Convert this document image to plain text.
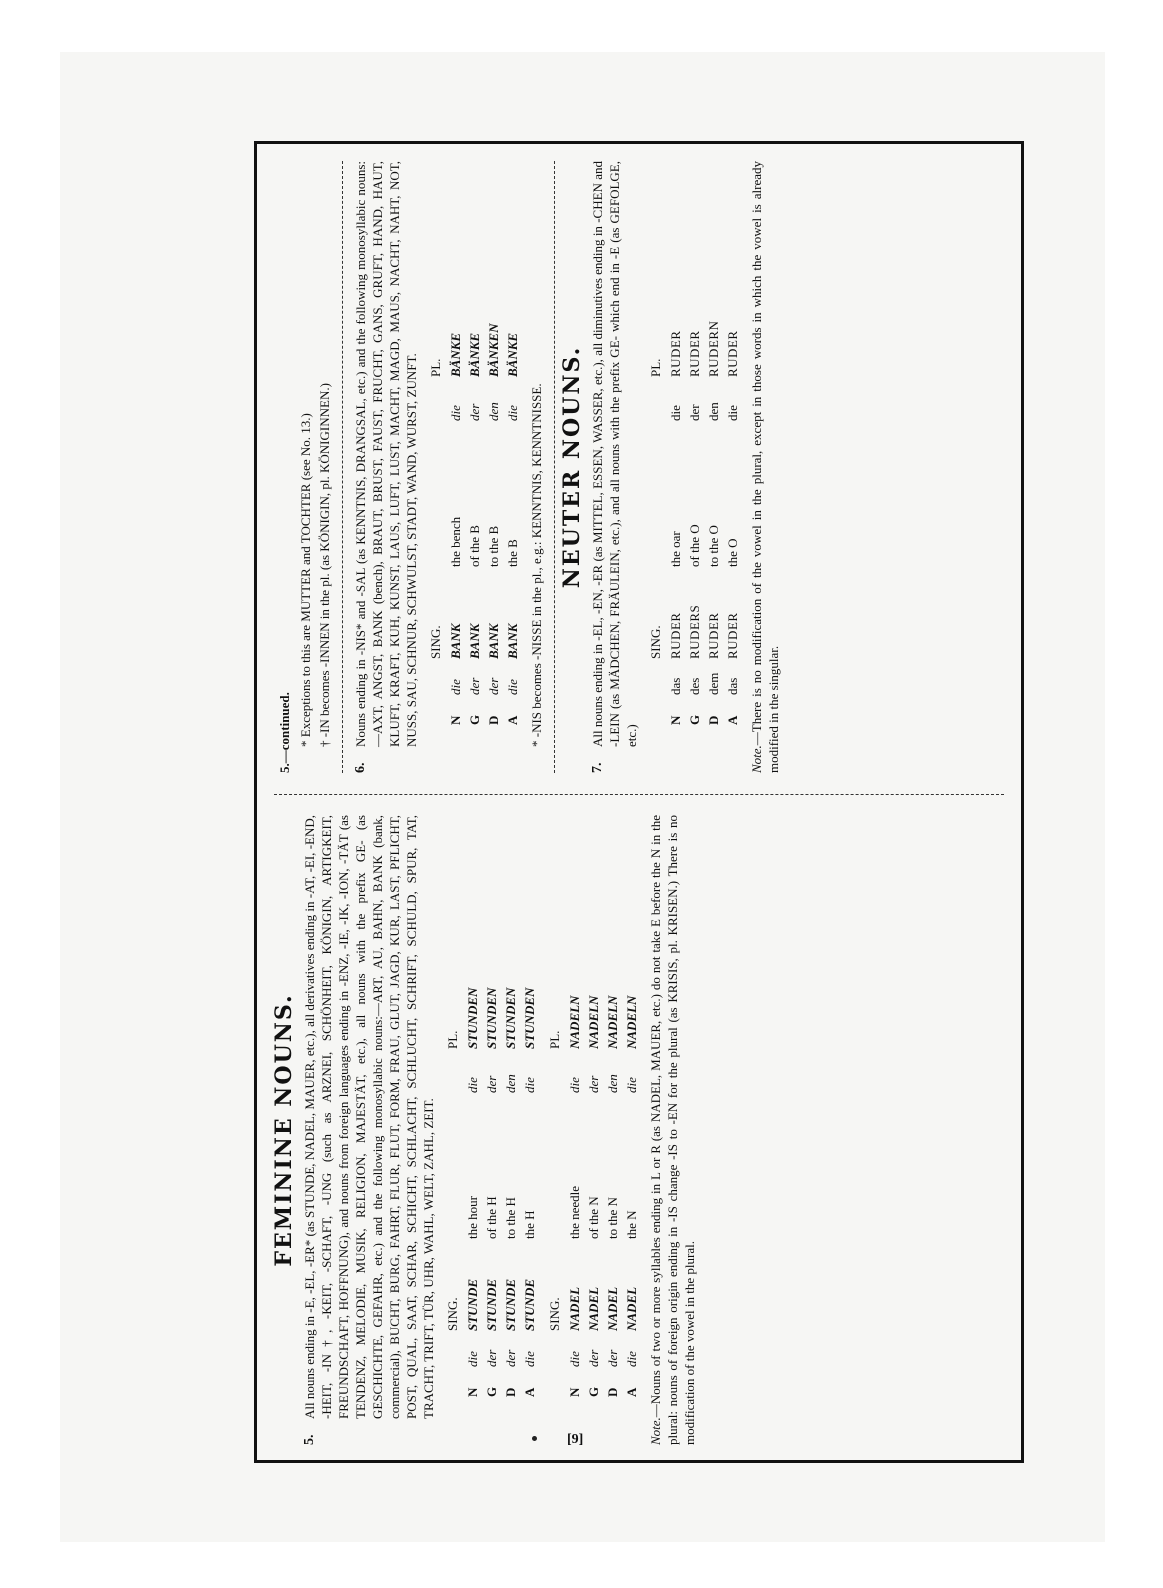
FEMININE NOUNS.
5.
All nouns ending in -E, -EL, -ER* (as STUNDE, NADEL, MAUER, etc.), all derivatives ending in -AT, -EI, -END, -HEIT, -IN†, -KEIT, -SCHAFT, -UNG (such as ARZNEI, SCHÖNHEIT, KÖNIGIN, ARTIGKEIT, FREUNDSCHAFT, HOFFNUNG), and nouns from foreign languages ending in -ENZ, -IE, -IK, -ION, -TÄT (as TENDENZ, MELODIE, MUSIK, RELIGION, MAJESTÄT, etc.), all nouns with the prefix GE- (as GESCHICHTE, GEFAHR, etc.) and the following monosyllabic nouns:—ART, AU, BAHN, BANK (bank, commercial), BUCHT, BURG, FAHRT, FLUR, FLUT, FORM, FRAU, GLUT, JAGD, KUR, LAST, PFLICHT, POST, QUAL, SAAT, SCHAR, SCHICHT, SCHLACHT, SCHLUCHT, SCHRIFT, SCHULD, SPUR, TAT, TRACHT, TRIFT, TÜR, UHR, WAHL, WELT, ZAHL, ZEIT.
		SING.			PL.
N	die	STUNDE	the hour	die	STUNDEN
G	der	STUNDE	of the H	der	STUNDEN
D	der	STUNDE	to the H	den	STUNDEN
A	die	STUNDE	the H	die	STUNDEN
		SING.			PL.
N	die	NADEL	the needle	die	NADELN
G	der	NADEL	of the N	der	NADELN
D	der	NADEL	to the N	den	NADELN
A	die	NADEL	the N	die	NADELN
Note.—Nouns of two or more syllables ending in L or R (as NADEL, MAUER, etc.) do not take E before the N in the plural: nouns of foreign origin ending in -IS change -IS to -EN for the plural (as KRISIS, pl. KRISEN.) There is no modification of the vowel in the plural.
5.—continued. * Exceptions to this are MUTTER and TOCHTER (see No. 13.) † -IN becomes -INNEN in the pl. (as KÖNIGIN, pl. KÖNIGINNEN.)
6.
Nouns ending in -NIS* and -SAL (as KENNTNIS, DRANGSAL, etc.) and the following monosyllabic nouns:—AXT, ANGST, BANK (bench), BRAUT, BRUST, FAUST, FRUCHT, GANS, GRUFT, HAND, HAUT, KLUFT, KRAFT, KUH, KUNST, LAUS, LUFT, LUST, MACHT, MAGD, MAUS, NACHT, NAHT, NOT, NUSS, SAU, SCHNUR, SCHWULST, STADT, WAND, WURST, ZUNFT.
		SING.			PL.
N	die	BANK	the bench	die	BÄNKE
G	der	BANK	of the B	der	BÄNKE
D	der	BANK	to the B	den	BÄNKEN
A	die	BANK	the B	die	BÄNKE
* -NIS becomes -NISSE in the pl., e.g.: KENNTNIS, KENNTNISSE. NEUTER NOUNS.
7.
All nouns ending in -EL, -EN, -ER (as MITTEL, ESSEN, WASSER, etc.), all diminutives ending in -CHEN and -LEIN (as MÄDCHEN, FRÄULEIN, etc.), and all nouns with the prefix GE- which end in -E (as GEFOLGE, etc.)
		SING.			PL.
N	das	RUDER	the oar	die	RUDER
G	des	RUDERS	of the O	der	RUDER
D	dem	RUDER	to the O	den	RUDERN
A	das	RUDER	the O	die	RUDER
Note.—There is no modification of the vowel in the plural, except in those words in which the vowel is already modified in the singular.
[9]
